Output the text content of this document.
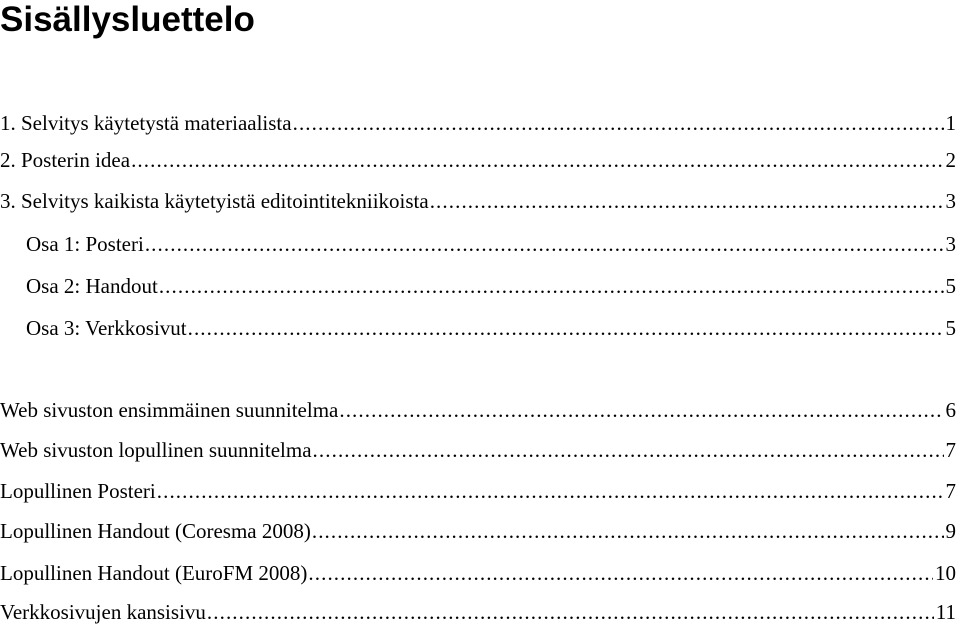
Sisällysluettelo
1. Selvitys käytetystä materiaalista .....	1
2. Posterin idea .....	2
3. Selvitys kaikista käytetyistä editointitekniikoista .....	3
Osa 1: Posteri .....	3
Osa 2: Handout .....	5
Osa 3: Verkkosivut .....	5
Web sivuston ensimmäinen suunnitelma .....	6
Web sivuston lopullinen suunnitelma .....	7
Lopullinen Posteri .....	7
Lopullinen Handout (Coresma 2008) .....	9
Lopullinen Handout (EuroFM 2008) .....	10
Verkkosivujen kansisivu .....	11
